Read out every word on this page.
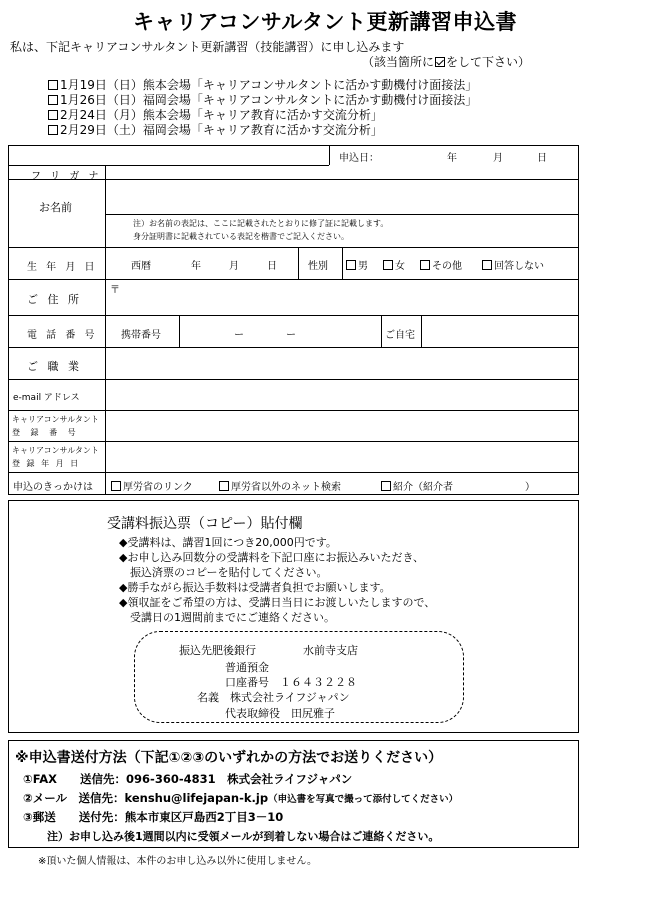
キャリアコンサルタント更新講習申込書
私は、下記キャリアコンサルタント更新講習（技能講習）に申し込みます
（該当箇所に をして下さい）
1月19日（日）熊本会場「キャリアコンサルタントに活かす動機付け面接法」
1月26日（日）福岡会場「キャリアコンサルタントに活かす動機付け面接法」
2月24日（月）熊本会場「キャリア教育に活かす交流分析」
2月29日（土）福岡会場「キャリア教育に活かす交流分析」
申込日：	年	月	日
フ リ ガ ナ
お名前
注）お名前の表記は、ここに記載されたとおりに修了証に記載します。
身分証明書に記載されている表記を楷書でご記入ください。
生 年 月 日	西暦	年	月	日	性別	男	女	その他	回答しない
ご 住 所
〒
電 話 番 号 携帯番号	ー	ー	ご自宅
ご 職 業
e-mail アドレス
キャリアコンサルタント
登 録 番 号
キャリアコンサルタント
登 録 年 月 日
申込のきっかけは	厚労省のリンク	厚労省以外のネット検索	紹介（紹介者	）
受講料振込票（コピー）貼付欄
◆受講料は、講習1回につき20,000円です。
◆お申し込み回数分の受講料を下記口座にお振込みいただき、
　振込済票のコピーを貼付してください。
◆勝手ながら振込手数料は受講者負担でお願いします。
◆領収証をご希望の方は、受講日当日にお渡しいたしますので、
　受講日の1週間前までにご連絡ください。
振込先肥後銀行	水前寺支店
普通預金
口座番号　１６４３２２８
名義　株式会社ライフジャパン
代表取締役　田尻雅子
※申込書送付方法（下記①②③のいずれかの方法でお送りください）
①FAX　　送信先：096-360-4831　株式会社ライフジャパン
②メール　送信先：kenshu@lifejapan-k.jp（申込書を写真で撮って添付してください）
③郵送　　送付先：熊本市東区戸島西2丁目3－10
注）お申し込み後1週間以内に受領メールが到着しない場合はご連絡ください。
※頂いた個人情報は、本件のお申し込み以外に使用しません。
